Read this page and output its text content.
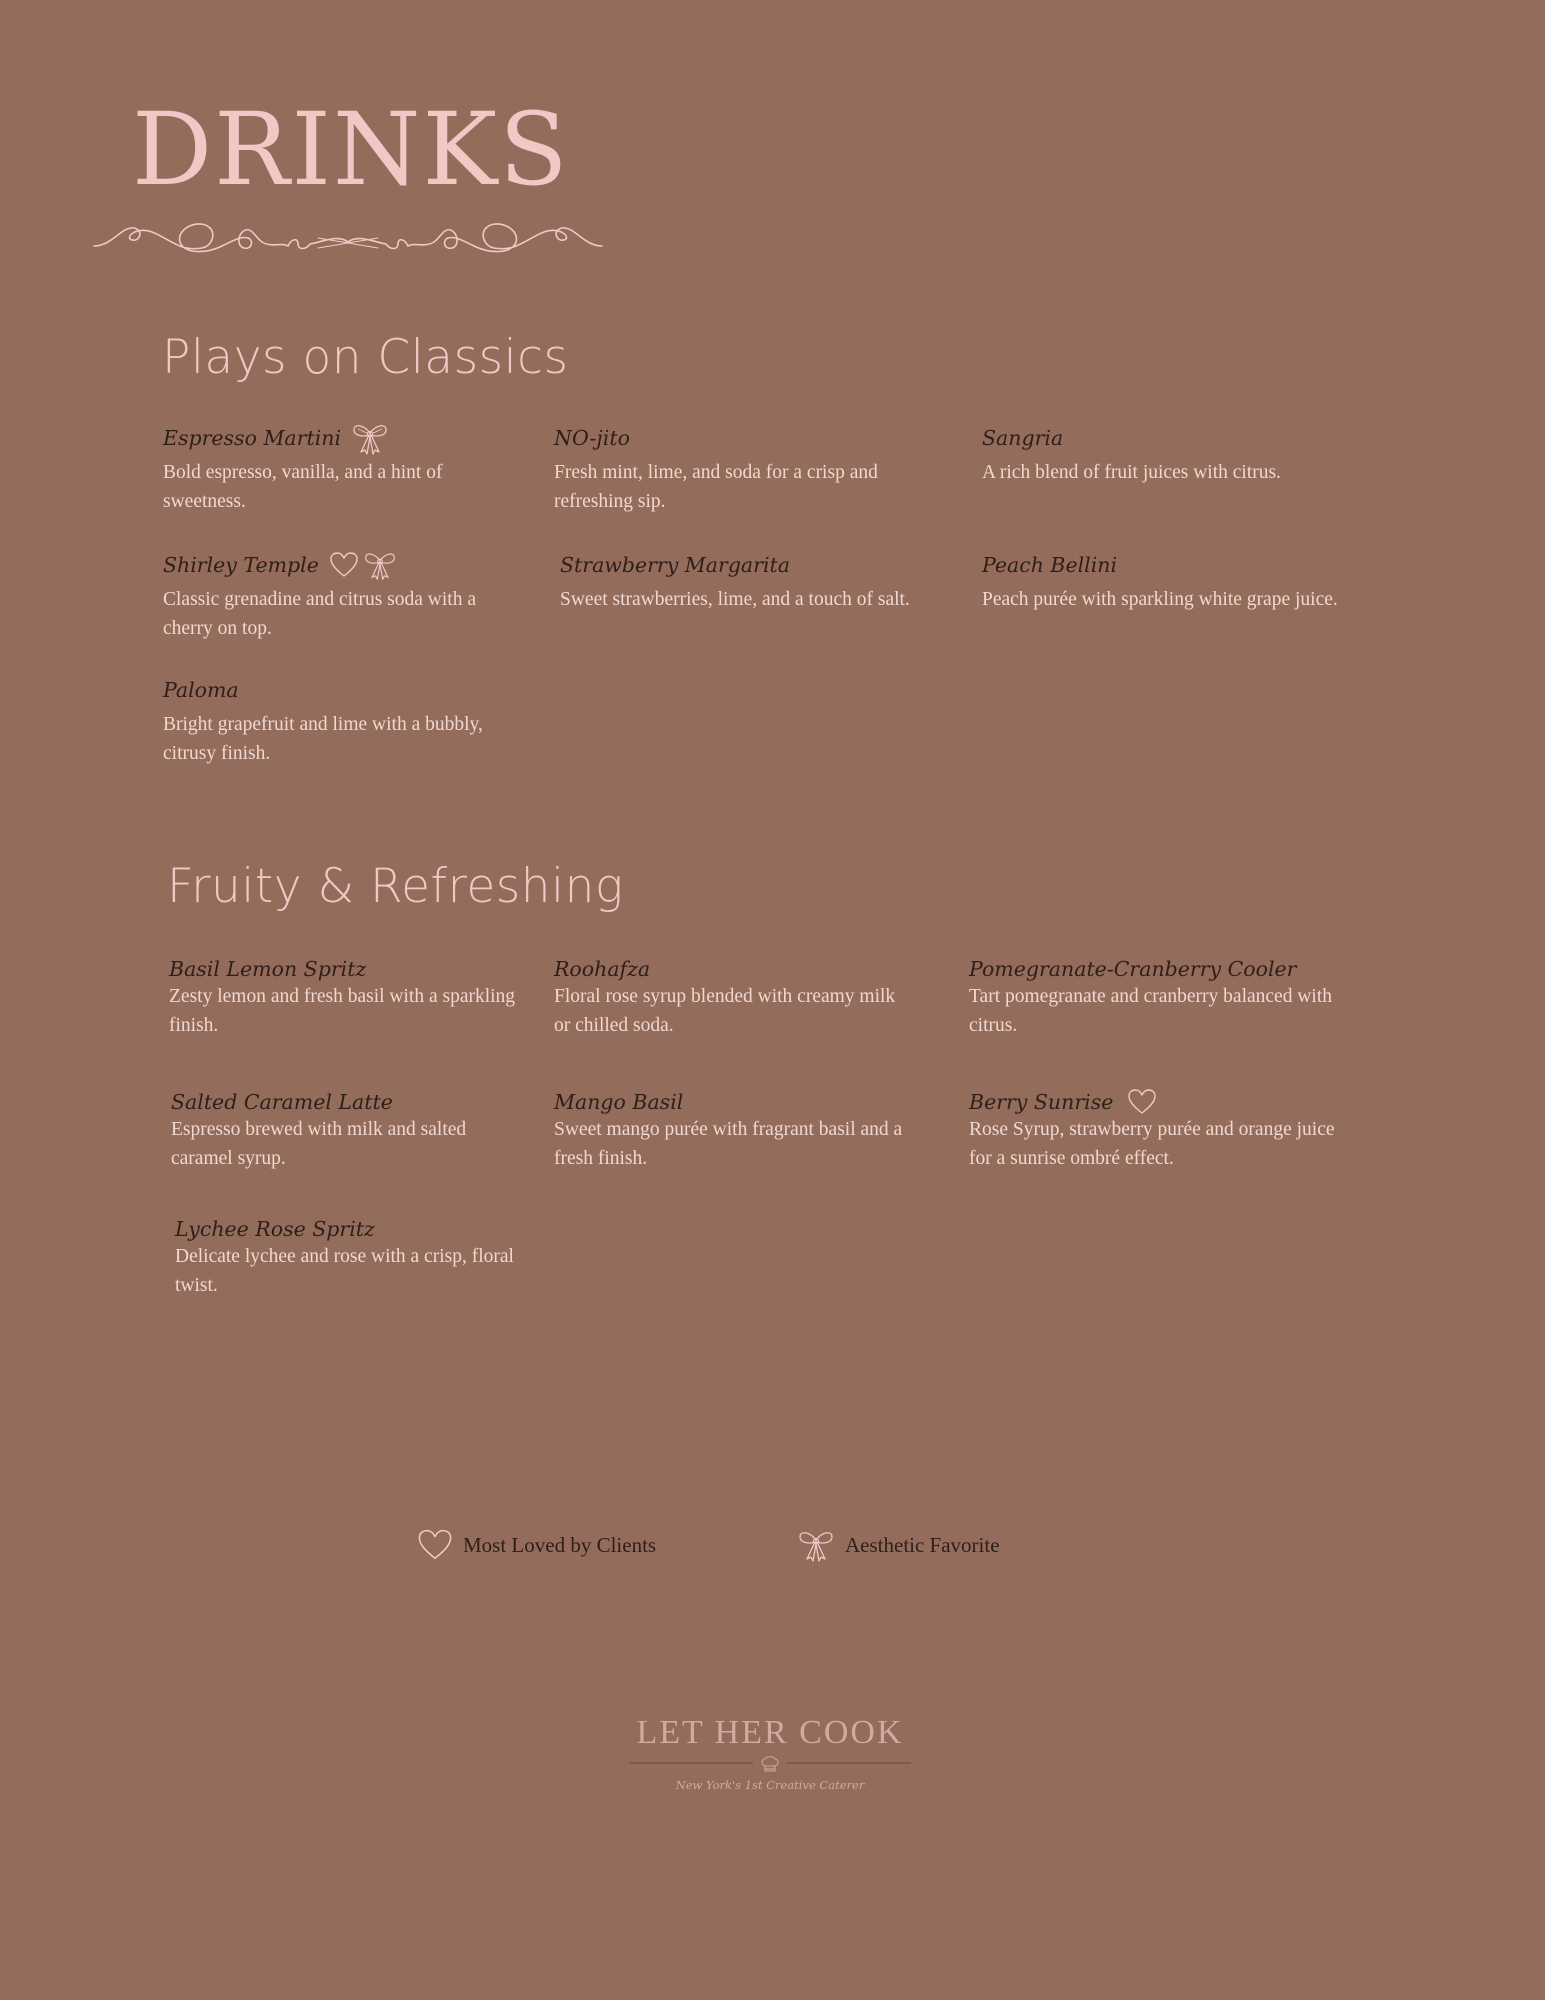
DRINKS
Plays on Classics
Espresso Martini

Bold espresso, vanilla, and a hint of sweetness.

NO-jito

Fresh mint, lime, and soda for a crisp and refreshing sip.

Sangria

A rich blend of fruit juices with citrus.

Shirley Temple

Classic grenadine and citrus soda with a cherry on top.

Strawberry Margarita

Sweet strawberries, lime, and a touch of salt.

Peach Bellini

Peach purée with sparkling white grape juice.

Paloma

Bright grapefruit and lime with a bubbly, citrusy finish.

Fruity & Refreshing
Basil Lemon Spritz

Zesty lemon and fresh basil with a sparkling finish.

Roohafza

Floral rose syrup blended with creamy milk or chilled soda.

Pomegranate-Cranberry Cooler

Tart pomegranate and cranberry balanced with citrus.

Salted Caramel Latte

Espresso brewed with milk and salted caramel syrup.

Mango Basil

Sweet mango purée with fragrant basil and a fresh finish.

Berry Sunrise

Rose Syrup, strawberry purée and orange juice for a sunrise ombré effect.

Lychee Rose Spritz

Delicate lychee and rose with a crisp, floral twist.

Most Loved by Clients	Aesthetic Favorite
LET HER COOK
New York's 1st Creative Caterer
